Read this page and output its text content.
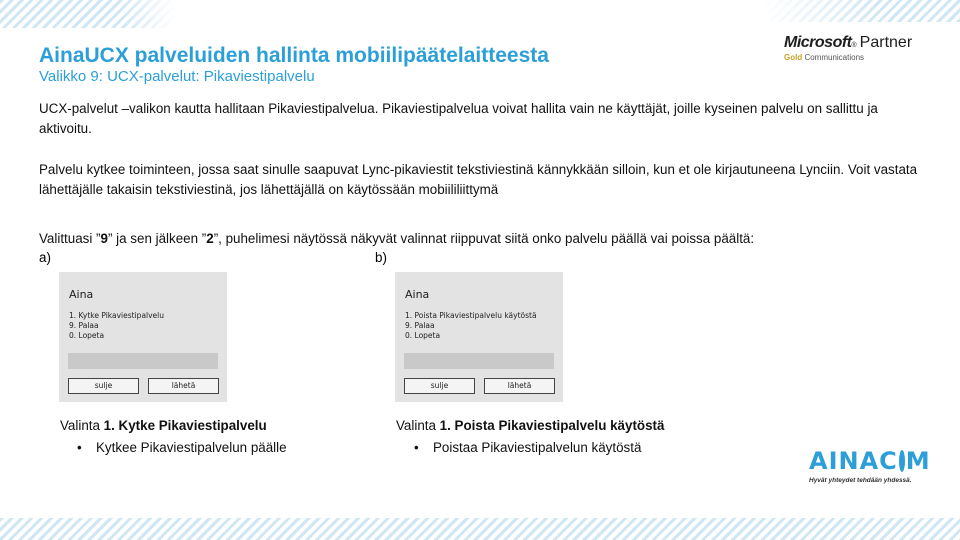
AinaUCX palveluiden hallinta mobiilipäätelaitteesta
Valikko 9: UCX-palvelut: Pikaviestipalvelu
Microsoft ® Partner
Gold Communications
UCX-palvelut –valikon kautta hallitaan Pikaviestipalvelua. Pikaviestipalvelua voivat hallita vain ne käyttäjät, joille kyseinen palvelu on sallittu ja aktivoitu.
Palvelu kytkee toiminteen, jossa saat sinulle saapuvat Lync-pikaviestit tekstiviestinä kännykkään silloin, kun et ole kirjautuneena Lynciin. Voit vastata lähettäjälle takaisin tekstiviestinä, jos lähettäjällä on käytössään mobiililiittymä
Valittuasi ”9” ja sen jälkeen ”2”, puhelimesi näytössä näkyvät valinnat riippuvat siitä onko palvelu päällä vai poissa päältä:
a)	b)
Aina
1. Kytke Pikaviestipalvelu
9. Palaa
0. Lopeta
sulje	lähetä
Aina
1. Poista Pikaviestipalvelu käytöstä
9. Palaa
0. Lopeta
sulje	lähetä
Valinta 1. Kytke Pikaviestipalvelu
•	Kytkee Pikaviestipalvelun päälle
Valinta 1. Poista Pikaviestipalvelu käytöstä
•	Poistaa Pikaviestipalvelun käytöstä	AINAC M
Hyvät yhteydet tehdään yhdessä.
